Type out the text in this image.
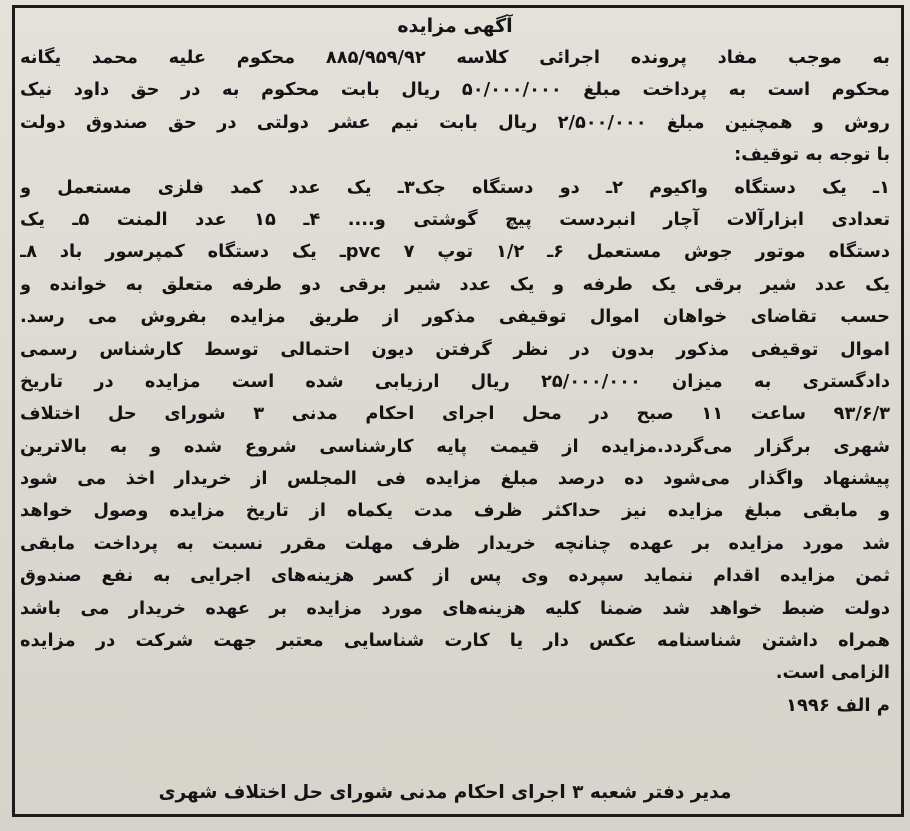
آگهی مزایده
به موجب مفاد پرونده اجرائی کلاسه ۸۸۵/۹۵۹/۹۲ محکوم علیه محمد یگانه
محکوم است به پرداخت مبلغ ۵۰/۰۰۰/۰۰۰ ریال بابت محکوم به در حق داود نیک
روش و همچنین مبلغ ۲/۵۰۰/۰۰۰ ریال بابت نیم عشر دولتی در حق صندوق دولت
با توجه به توقیف:
۱ـ یک دستگاه واکیوم ۲ـ دو دستگاه جک۳ـ یک عدد کمد فلزی مستعمل و
تعدادی ابزارآلات آچار انبردست پیچ گوشتی و.... ۴ـ ۱۵ عدد المنت ۵ـ یک
دستگاه موتور جوش مستعمل ۶ـ ۱/۲ توپ pvc ۷ـ یک دستگاه کمپرسور باد ۸ـ
یک عدد شیر برقی یک طرفه و یک عدد شیر برقی دو طرفه متعلق به خوانده و
حسب تقاضای خواهان اموال توقیفی مذکور از طریق مزایده بفروش می رسد.
اموال توقیفی مذکور بدون در نظر گرفتن دیون احتمالی توسط کارشناس رسمی
دادگستری به میزان ۲۵/۰۰۰/۰۰۰ ریال ارزیابی شده است مزایده در تاریخ
۹۳/۶/۳ ساعت ۱۱ صبح در محل اجرای احکام مدنی ۳ شورای حل اختلاف
شهری برگزار می‌گردد.مزایده از قیمت پایه کارشناسی شروع شده و به بالاترین
پیشنهاد واگذار می‌شود ده درصد مبلغ مزایده فی المجلس از خریدار اخذ می شود
و مابقی مبلغ مزایده نیز حداکثر ظرف مدت یکماه از تاریخ مزایده وصول خواهد
شد مورد مزایده بر عهده چنانچه خریدار ظرف مهلت مقرر نسبت به پرداخت مابقی
ثمن مزایده اقدام ننماید سپرده وی پس از کسر هزینه‌های اجرایی به نفع صندوق
دولت ضبط خواهد شد ضمنا کلیه هزینه‌های مورد مزایده بر عهده خریدار می باشد
همراه داشتن شناسنامه عکس دار یا کارت شناسایی معتبر جهت شرکت در مزایده
الزامی است.
م الف ۱۹۹۶
مدیر دفتر شعبه ۳ اجرای احکام مدنی شورای حل اختلاف شهری
